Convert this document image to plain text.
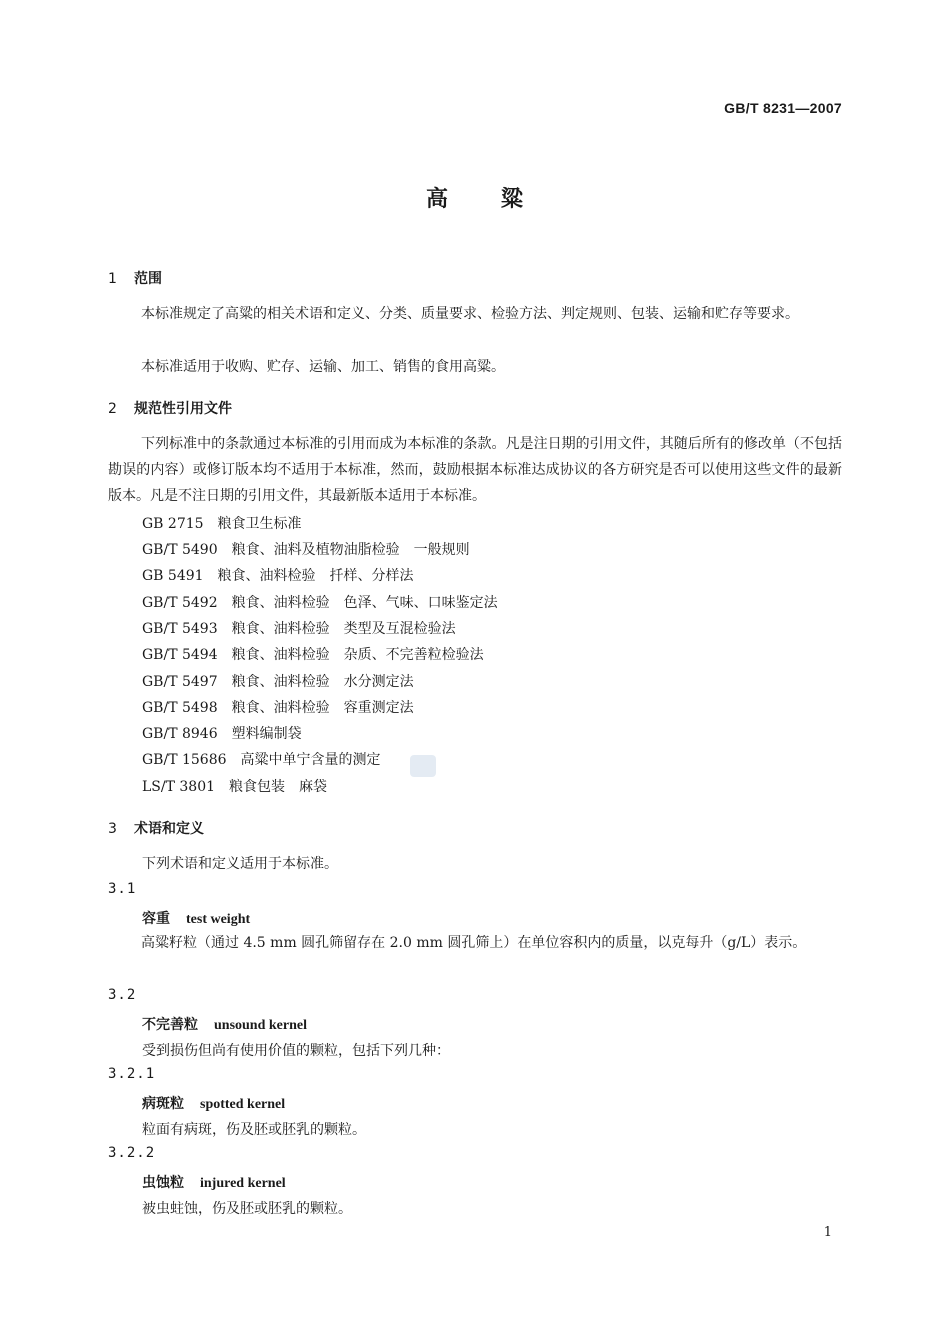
GB/T 8231—2007
高 粱
1 范围

本标准规定了高粱的相关术语和定义、分类、质量要求、检验方法、判定规则、包装、运输和贮存等要求。

本标准适用于收购、贮存、运输、加工、销售的食用高粱。

2 规范性引用文件

下列标准中的条款通过本标准的引用而成为本标准的条款。凡是注日期的引用文件，其随后所有的修改单（不包括勘误的内容）或修订版本均不适用于本标准，然而，鼓励根据本标准达成协议的各方研究是否可以使用这些文件的最新版本。凡是不注日期的引用文件，其最新版本适用于本标准。

GB 2715　粮食卫生标准
GB/T 5490　粮食、油料及植物油脂检验　一般规则
GB 5491　粮食、油料检验　扦样、分样法
GB/T 5492　粮食、油料检验　色泽、气味、口味鉴定法
GB/T 5493　粮食、油料检验　类型及互混检验法
GB/T 5494　粮食、油料检验　杂质、不完善粒检验法
GB/T 5497　粮食、油料检验　水分测定法
GB/T 5498　粮食、油料检验　容重测定法
GB/T 8946　塑料编制袋
GB/T 15686　高粱中单宁含量的测定
LS/T 3801　粮食包装　麻袋
3 术语和定义
下列术语和定义适用于本标准。
3.1
容重 test weight

高粱籽粒（通过 4.5 mm 圆孔筛留存在 2.0 mm 圆孔筛上）在单位容积内的质量，以克每升（g/L）表示。

3.2
不完善粒 unsound kernel
受到损伤但尚有使用价值的颗粒，包括下列几种：
3.2.1
病斑粒 spotted kernel
粒面有病斑，伤及胚或胚乳的颗粒。
3.2.2
虫蚀粒 injured kernel
被虫蛀蚀，伤及胚或胚乳的颗粒。
1
